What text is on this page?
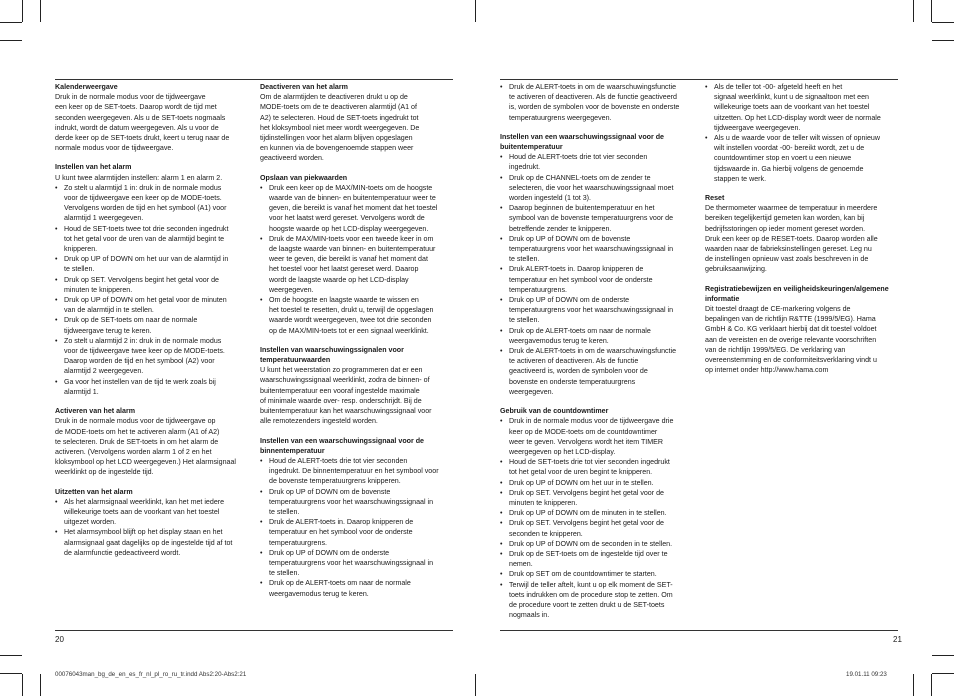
Kalenderweergave

Druk in de normale modus voor de tijdweergave
een keer op de SET-toets. Daarop wordt de tijd met
seconden weergegeven. Als u de SET-toets nogmaals
indrukt, wordt de datum weergegeven. Als u voor de
derde keer op de SET-toets drukt, keert u terug naar de
normale modus voor de tijdweergave.

Instellen van het alarm

U kunt twee alarmtijden instellen: alarm 1 en alarm 2.

• Zo stelt u alarmtijd 1 in: druk in de normale modus
voor de tijdweergave een keer op de MODE-toets.
Vervolgens worden de tijd en het symbool (A1) voor
alarmtijd 1 weergegeven.
• Houd de SET-toets twee tot drie seconden ingedrukt
tot het getal voor de uren van de alarmtijd begint te
knipperen.
• Druk op UP of DOWN om het uur van de alarmtijd in
te stellen.
• Druk op SET. Vervolgens begint het getal voor de
minuten te knipperen.
• Druk op UP of DOWN om het getal voor de minuten
van de alarmtijd in te stellen.
• Druk op de SET-toets om naar de normale
tijdweergave terug te keren.
• Zo stelt u alarmtijd 2 in: druk in de normale modus
voor de tijdweergave twee keer op de MODE-toets.
Daarop worden de tijd en het symbool (A2) voor
alarmtijd 2 weergegeven.
• Ga voor het instellen van de tijd te werk zoals bij
alarmtijd 1.
Activeren van het alarm

Druk in de normale modus voor de tijdweergave op
de MODE-toets om het te activeren alarm (A1 of A2)
te selecteren. Druk de SET-toets in om het alarm de
activeren. (Vervolgens worden alarm 1 of 2 en het
kloksymbool op het LCD weergegeven.) Het alarmsignaal
weerklinkt op de ingestelde tijd.

Uitzetten van het alarm
• Als het alarmsignaal weerklinkt, kan het met iedere
willekeurige toets aan de voorkant van het toestel
uitgezet worden.
• Het alarmsymbool blijft op het display staan en het
alarmsignaal gaat dagelijks op de ingestelde tijd af tot
de alarmfunctie gedeactiveerd wordt.
Deactiveren van het alarm

Om de alarmtijden te deactiveren drukt u op de
MODE-toets om de te deactiveren alarmtijd (A1 of
A2) te selecteren. Houd de SET-toets ingedrukt tot
het kloksymbool niet meer wordt weergegeven. De
tijdinstellingen voor het alarm blijven opgeslagen
en kunnen via de bovengenoemde stappen weer
geactiveerd worden.

Opslaan van piekwaarden
• Druk een keer op de MAX/MIN-toets om de hoogste
waarde van de binnen- en buitentemperatuur weer te
geven, die bereikt is vanaf het moment dat het toestel
voor het laatst werd gereset. Vervolgens wordt de
hoogste waarde op het LCD-display weergegeven.
• Druk de MAX/MIN-toets voor een tweede keer in om
de laagste waarde van binnen- en buitentemperatuur
weer te geven, die bereikt is vanaf het moment dat
het toestel voor het laatst gereset werd. Daarop
wordt de laagste waarde op het LCD-display
weergegeven.
• Om de hoogste en laagste waarde te wissen en
het toestel te resetten, drukt u, terwijl de opgeslagen
waarde wordt weergegeven, twee tot drie seconden
op de MAX/MIN-toets tot er een signaal weerklinkt.
Instellen van waarschuwingssignalen voor
temperatuurwaarden

U kunt het weerstation zo programmeren dat er een
waarschuwingssignaal weerklinkt, zodra de binnen- of
buitentemperatuur een vooraf ingestelde maximale
of minimale waarde over- resp. onderschrijdt. Bij de
buitentemperatuur kan het waarschuwingssignaal voor
alle remotezenders ingesteld worden.

Instellen van een waarschuwingssignaal voor de
binnentemperatuur
• Houd de ALERT-toets drie tot vier seconden
ingedrukt. De binnentemperatuur en het symbool voor
de bovenste temperatuurgrens knipperen.
• Druk op UP of DOWN om de bovenste
temperatuurgrens voor het waarschuwingssignaal in
te stellen.
• Druk de ALERT-toets in. Daarop knipperen de
temperatuur en het symbool voor de onderste
temperatuurgrens.
• Druk op UP of DOWN om de onderste
temperatuurgrens voor het waarschuwingssignaal in
te stellen.
• Druk op de ALERT-toets om naar de normale
weergavemodus terug te keren.
• Druk de ALERT-toets in om de waarschuwingsfunctie
te activeren of deactiveren. Als de functie geactiveerd
is, worden de symbolen voor de bovenste en onderste
temperatuurgrens weergegeven.
Instellen van een waarschuwingssignaal voor de
buitentemperatuur
• Houd de ALERT-toets drie tot vier seconden
ingedrukt.
• Druk op de CHANNEL-toets om de zender te
selecteren, die voor het waarschuwingssignaal moet
worden ingesteld (1 tot 3).
• Daarop beginnen de buitentemperatuur en het
symbool van de bovenste temperatuurgrens voor de
betreffende zender te knipperen.
• Druk op UP of DOWN om de bovenste
temperatuurgrens voor het waarschuwingssignaal in
te stellen.
• Druk ALERT-toets in. Daarop knipperen de
temperatuur en het symbool voor de onderste
temperatuurgrens.
• Druk op UP of DOWN om de onderste
temperatuurgrens voor het waarschuwingssignaal in
te stellen.
• Druk op de ALERT-toets om naar de normale
weergavemodus terug te keren.
• Druk de ALERT-toets in om de waarschuwingsfunctie
te activeren of deactiveren. Als de functie
geactiveerd is, worden de symbolen voor de
bovenste en onderste temperatuurgrens
weergegeven.
Gebruik van de countdowntimer
• Druk in de normale modus voor de tijdweergave drie
keer op de MODE-toets om de countdowntimer
weer te geven. Vervolgens wordt het item TIMER
weergegeven op het LCD-display.
• Houd de SET-toets drie tot vier seconden ingedrukt
tot het getal voor de uren begint te knipperen.
• Druk op UP of DOWN om het uur in te stellen.
• Druk op SET. Vervolgens begint het getal voor de
minuten te knipperen.
• Druk op UP of DOWN om de minuten in te stellen.
• Druk op SET. Vervolgens begint het getal voor de
seconden te knipperen.
• Druk op UP of DOWN om de seconden in te stellen.
• Druk op de SET-toets om de ingestelde tijd over te
nemen.
• Druk op SET om de countdowntimer te starten.
• Terwijl de teller aftelt, kunt u op elk moment de SET-
toets indrukken om de procedure stop te zetten. Om
de procedure voort te zetten drukt u de SET-toets
nogmaals in.
• Als de teller tot -00- afgeteld heeft en het
signaal weerklinkt, kunt u de signaaltoon met een
willekeurige toets aan de voorkant van het toestel
uitzetten. Op het LCD-display wordt weer de normale
tijdweergave weergegeven.
• Als u de waarde voor de teller wilt wissen of opnieuw
wilt instellen voordat -00- bereikt wordt, zet u de
countdowntimer stop en voert u een nieuwe
tijdswaarde in. Ga hierbij volgens de genoemde
stappen te werk.
Reset

De thermometer waarmee de temperatuur in meerdere
bereiken tegelijkertijd gemeten kan worden, kan bij
bedrijfsstoringen op ieder moment gereset worden.
Druk een keer op de RESET-toets. Daarop worden alle
waarden naar de fabrieksinstellingen gereset. Leg nu
de instellingen opnieuw vast zoals beschreven in de
gebruiksaanwijzing.

Registratiebewijzen en veiligheidskeuringen/algemene
informatie

Dit toestel draagt de CE-markering volgens de
bepalingen van de richtlijn R&TTE (1999/5/EG). Hama
GmbH & Co. KG verklaart hierbij dat dit toestel voldoet
aan de vereisten en de overige relevante voorschriften
van de richtlijn 1999/5/EG. De verklaring van
overeenstemming en de conformiteitsverklaring vindt u
op internet onder http://www.hama.com

20	21
00076043man_bg_de_en_es_fr_nl_pl_ro_ru_tr.indd Abs2:20-Abs2:21	19.01.11 09:23
